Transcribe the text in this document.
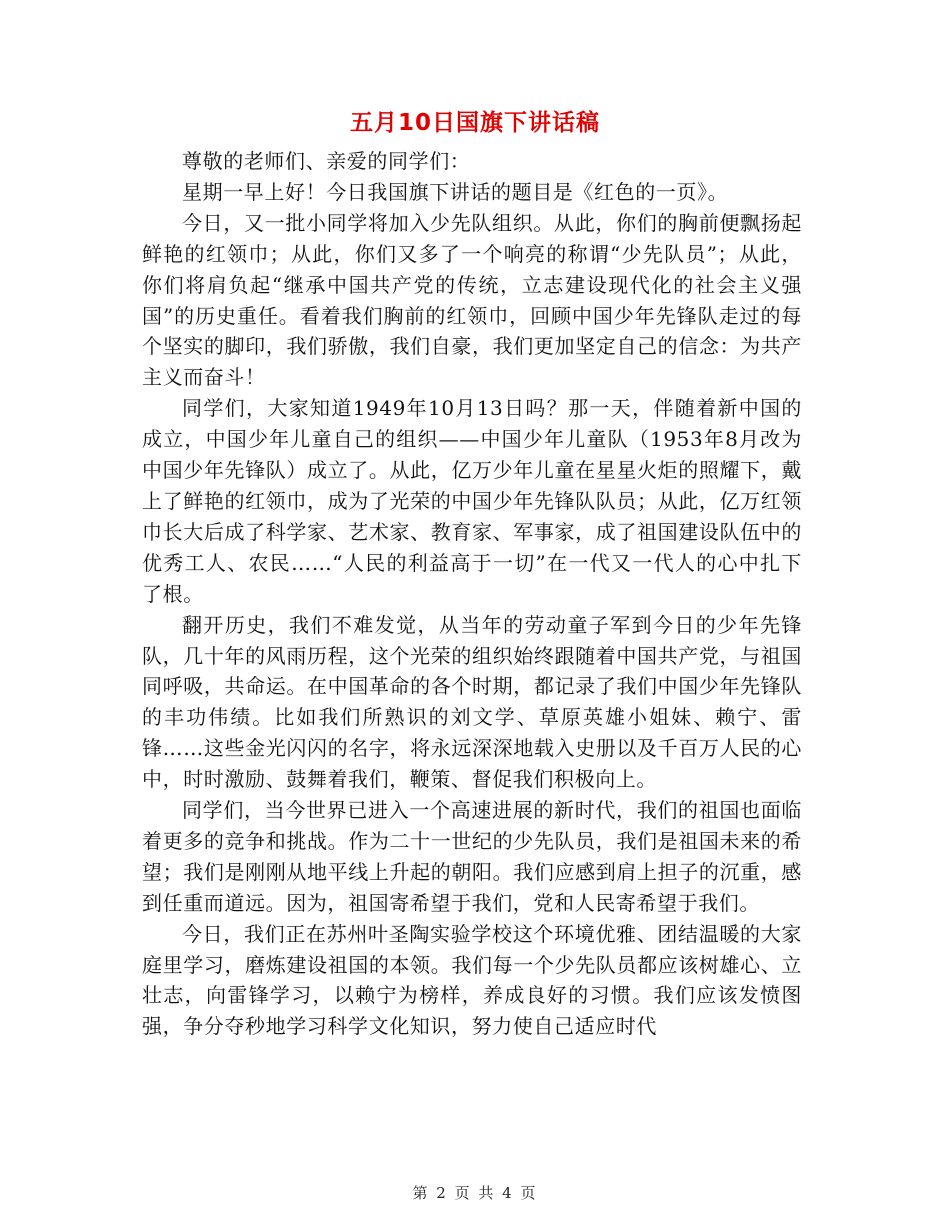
五月10日国旗下讲话稿

尊敬的老师们、亲爱的同学们：

星期一早上好！今日我国旗下讲话的题目是《红色的一页》。

今日，又一批小同学将加入少先队组织。从此，你们的胸前便飘扬起鲜艳的红领巾；从此，你们又多了一个响亮的称谓“少先队员”；从此，你们将肩负起“继承中国共产党的传统，立志建设现代化的社会主义强国”的历史重任。看着我们胸前的红领巾，回顾中国少年先锋队走过的每个坚实的脚印，我们骄傲，我们自豪，我们更加坚定自己的信念：为共产主义而奋斗！

同学们，大家知道1949年10月13日吗？那一天，伴随着新中国的成立，中国少年儿童自己的组织——中国少年儿童队（1953年8月改为中国少年先锋队）成立了。从此，亿万少年儿童在星星火炬的照耀下，戴上了鲜艳的红领巾，成为了光荣的中国少年先锋队队员；从此，亿万红领巾长大后成了科学家、艺术家、教育家、军事家，成了祖国建设队伍中的优秀工人、农民……“人民的利益高于一切”在一代又一代人的心中扎下了根。

翻开历史，我们不难发觉，从当年的劳动童子军到今日的少年先锋队，几十年的风雨历程，这个光荣的组织始终跟随着中国共产党，与祖国同呼吸，共命运。在中国革命的各个时期，都记录了我们中国少年先锋队的丰功伟绩。比如我们所熟识的刘文学、草原英雄小姐妹、赖宁、雷锋……这些金光闪闪的名字，将永远深深地载入史册以及千百万人民的心中，时时激励、鼓舞着我们，鞭策、督促我们积极向上。

同学们，当今世界已进入一个高速进展的新时代，我们的祖国也面临着更多的竞争和挑战。作为二十一世纪的少先队员，我们是祖国未来的希望；我们是刚刚从地平线上升起的朝阳。我们应感到肩上担子的沉重，感到任重而道远。因为，祖国寄希望于我们，党和人民寄希望于我们。

今日，我们正在苏州叶圣陶实验学校这个环境优雅、团结温暖的大家庭里学习，磨炼建设祖国的本领。我们每一个少先队员都应该树雄心、立壮志，向雷锋学习，以赖宁为榜样，养成良好的习惯。我们应该发愤图强，争分夺秒地学习科学文化知识，努力使自己适应时代

第 2 页 共 4 页
